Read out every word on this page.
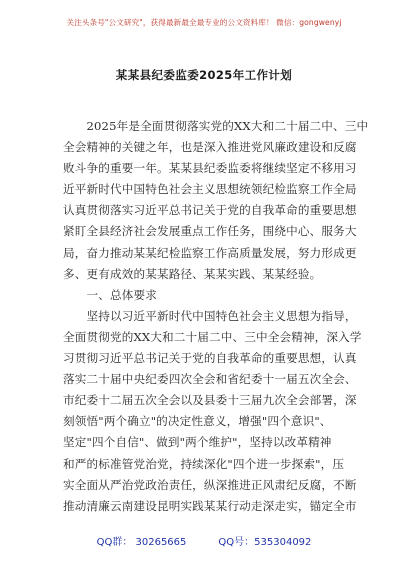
关注头条号"公文研究"，获得最新最全最专业的公文资料库！ 微信：gongwenyj
某某县纪委监委2025年工作计划
　　2025年是全面贯彻落实党的XX大和二十届二中、三中
全会精神的关键之年，也是深入推进党风廉政建设和反腐
败斗争的重要一年。某某县纪委监委将继续坚定不移用习
近平新时代中国特色社会主义思想统领纪检监察工作全局
认真贯彻落实习近平总书记关于党的自我革命的重要思想
紧盯全县经济社会发展重点工作任务，围绕中心、服务大
局，奋力推动某某纪检监察工作高质量发展，努力形成更
多、更有成效的某某路径、某某实践、某某经验。
　　一、总体要求
　　坚持以习近平新时代中国特色社会主义思想为指导，
全面贯彻党的XX大和二十届二中、三中全会精神，深入学
习贯彻习近平总书记关于党的自我革命的重要思想，认真
落实二十届中央纪委四次全会和省纪委十一届五次全会、
市纪委十二届五次全会以及县委十三届九次全会部署，深
刻领悟"两个确立"的决定性意义，增强"四个意识"、
坚定"四个自信"、做到"两个维护"，坚持以改革精神
和严的标准管党治党，持续深化"四个进一步探索"，压
实全面从严治党政治责任，纵深推进正风肃纪反腐，不断
推动清廉云南建设昆明实践某某行动走深走实，锚定全市
QQ群： 30265665	QQ号：535304092
